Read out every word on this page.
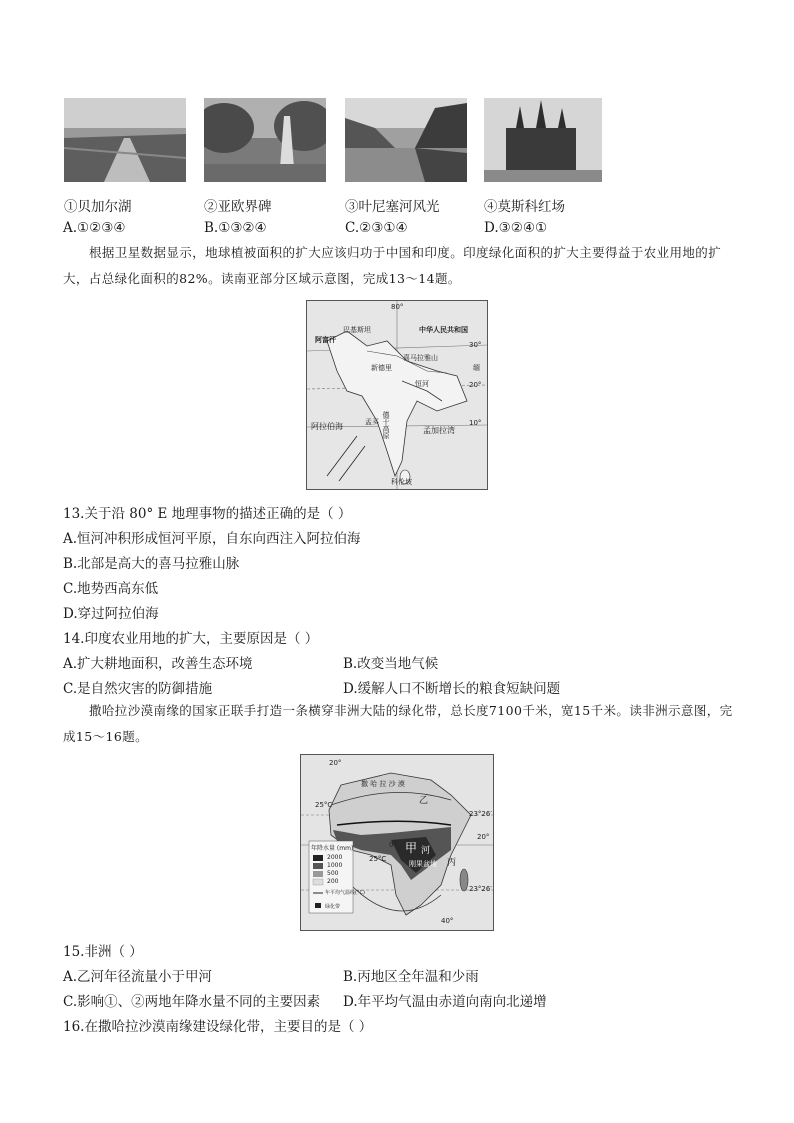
①贝加尔湖	②亚欧界碑	③叶尼塞河风光	④莫斯科红场
A.①②③④	B.①③②④	C.②③①④	D.③②④①
根据卫星数据显示，地球植被面积的扩大应该归功于中国和印度。印度绿化面积的扩大主要得益于农业用地的扩大，占总绿化面积的82%。读南亚部分区域示意图，完成13～14题。
80°
中华人民共和国
阿富汗
巴基斯坦
新德里
恒河
喜马拉雅山
30°
20°
10°
缅
阿拉伯海	孟加拉湾
德干高原
孟买
科伦坡
13.关于沿 80° E 地理事物的描述正确的是（ ）
A.恒河冲积形成恒河平原，自东向西注入阿拉伯海
B.北部是高大的喜马拉雅山脉
C.地势西高东低
D.穿过阿拉伯海
14.印度农业用地的扩大，主要原因是（ ）
A.扩大耕地面积，改善生态环境	B.改变当地气候
C.是自然灾害的防御措施	D.缓解人口不断增长的粮食短缺问题
撒哈拉沙漠南缘的国家正联手打造一条横穿非洲大陆的绿化带，总长度7100千米，宽15千米。读非洲示意图，完成15～16题。
20°
撒 哈 拉 沙 漠
乙
25°C
甲 河
刚果盆地
年降水量 (mm)
2000
1000
500
200
年平均气温线(°C)
绿化带
25°C
0°
23°26′
23°26′
丙
20°
40°
15.非洲（ ）
A.乙河年径流量小于甲河	B.丙地区全年温和少雨
C.影响①、②两地年降水量不同的主要因素 D.年平均气温由赤道向南向北递增
16.在撒哈拉沙漠南缘建设绿化带，主要目的是（ ）
